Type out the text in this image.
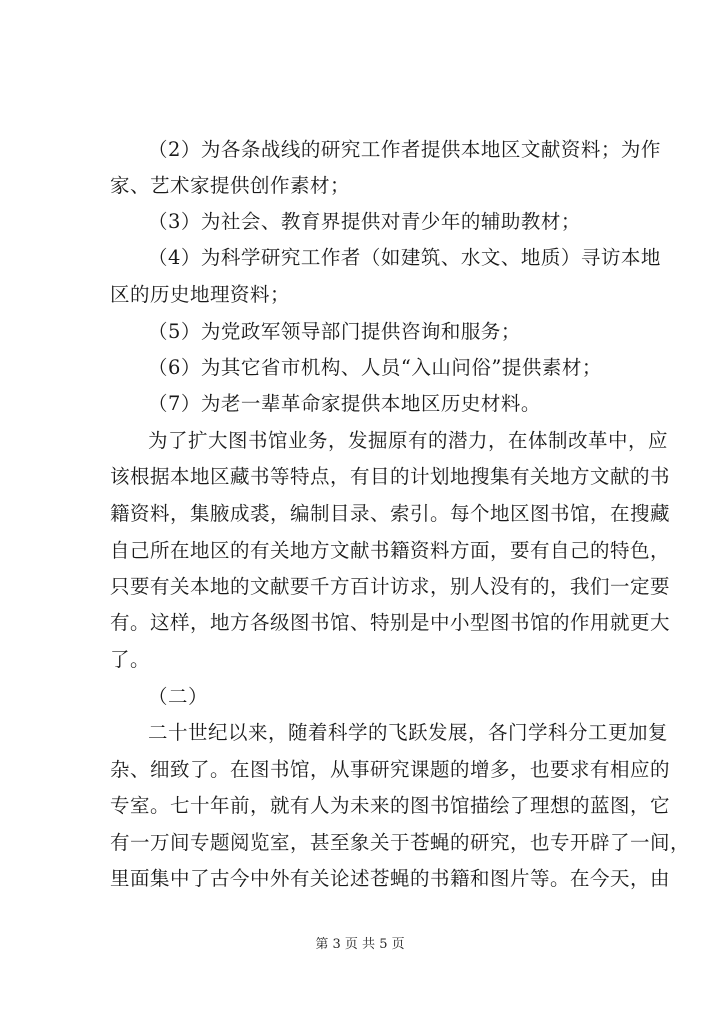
（2）为各条战线的研究工作者提供本地区文献资料；为作
家、艺术家提供创作素材；
（3）为社会、教育界提供对青少年的辅助教材；
（4）为科学研究工作者（如建筑、水文、地质）寻访本地
区的历史地理资料；
（5）为党政军领导部门提供咨询和服务；
（6）为其它省市机构、人员“入山问俗”提供素材；
（7）为老一辈革命家提供本地区历史材料。
为了扩大图书馆业务，发掘原有的潜力，在体制改革中，应
该根据本地区藏书等特点，有目的计划地搜集有关地方文献的书
籍资料，集腋成裘，编制目录、索引。每个地区图书馆，在搜藏
自己所在地区的有关地方文献书籍资料方面，要有自己的特色，
只要有关本地的文献要千方百计访求，别人没有的，我们一定要
有。这样，地方各级图书馆、特别是中小型图书馆的作用就更大
了。
（二）
二十世纪以来，随着科学的飞跃发展，各门学科分工更加复
杂、细致了。在图书馆，从事研究课题的增多，也要求有相应的
专室。七十年前，就有人为未来的图书馆描绘了理想的蓝图，它
有一万间专题阅览室，甚至象关于苍蝇的研究，也专开辟了一间，
里面集中了古今中外有关论述苍蝇的书籍和图片等。在今天，由
第 3 页 共 5 页
